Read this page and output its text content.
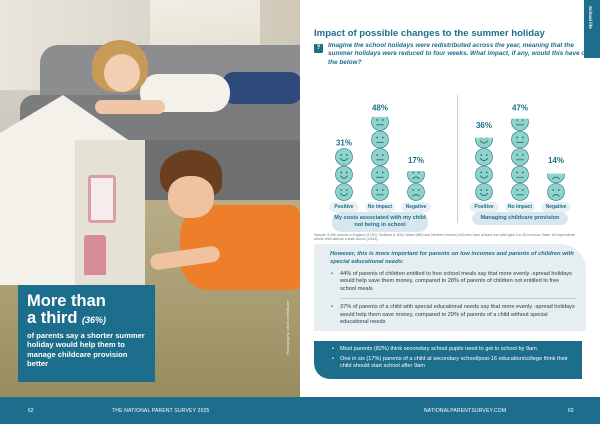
Photography: stock contributor
More than
a third (36%)
of parents say a shorter summer holiday would help them to manage childcare provision better
62	THE NATIONAL PARENT SURVEY 2025
School life
Impact of possible changes to the summer holiday
?	Imagine the school holidays were redistributed across the year, meaning that the summer holidays were reduced to four weeks. What impact, if any, would this have on the below?
31%
48%
17%
36%
47%
14%
Positive	No impact	Negative
My costs associated with my child not being in school
Positive	No impact	Negative
Managing childcare provision
Sample: 5,466 parents in England (3,190), Scotland (1,000), Wales (860) and Northern Ireland (416) who have at least one child aged 4 to 18 in school. Base: All respondents whose child attends a state school (4,834).
However, this is more important for parents on low incomes and parents of children with special educational needs:
• 44% of parents of children entitled to free school meals say that more evenly -spread holidays would help save them money, compared to 28% of parents of children not entitled to free school meals
• 37% of parents of a child with special educational needs say that more evenly -spread holidays would help them save money, compared to 29% of parents of a child without special educational needs
• Most parents (82%) think secondary school pupils need to get to school by 9am
• One in six (17%) parents of a child at secondary school/post-16 education/college think their child should start school after 9am
NATIONALPARENTSURVEY.COM	63
